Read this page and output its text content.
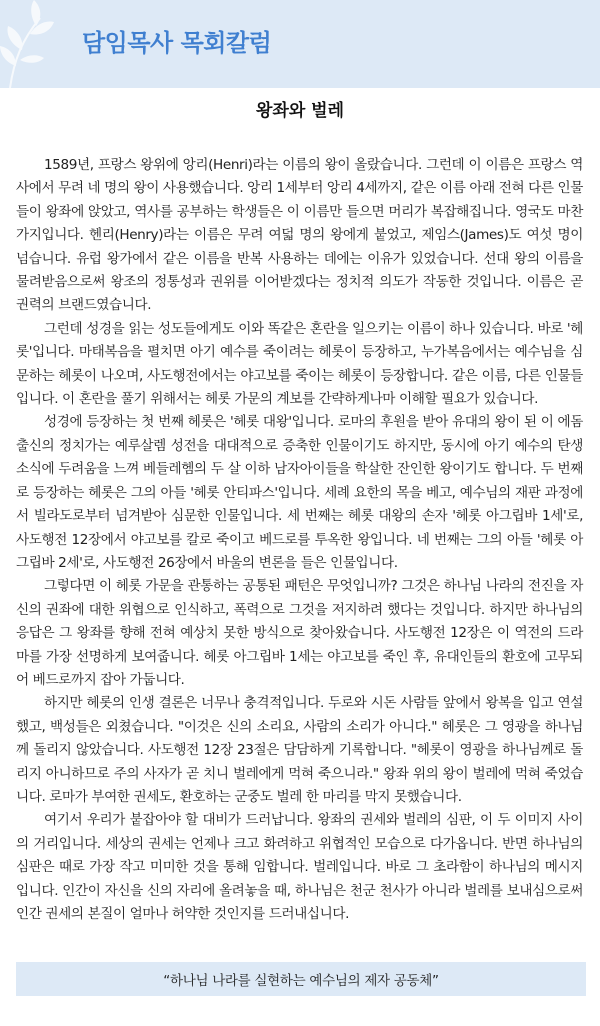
담임목사 목회칼럼
왕좌와 벌레

1589년, 프랑스 왕위에 앙리(Henri)라는 이름의 왕이 올랐습니다. 그런데 이 이름은 프랑스 역사에서 무려 네 명의 왕이 사용했습니다. 앙리 1세부터 앙리 4세까지, 같은 이름 아래 전혀 다른 인물들이 왕좌에 앉았고, 역사를 공부하는 학생들은 이 이름만 들으면 머리가 복잡해집니다. 영국도 마찬가지입니다. 헨리(Henry)라는 이름은 무려 여덟 명의 왕에게 붙었고, 제임스(James)도 여섯 명이 넘습니다. 유럽 왕가에서 같은 이름을 반복 사용하는 데에는 이유가 있었습니다. 선대 왕의 이름을 물려받음으로써 왕조의 정통성과 권위를 이어받겠다는 정치적 의도가 작동한 것입니다. 이름은 곧 권력의 브랜드였습니다.

그런데 성경을 읽는 성도들에게도 이와 똑같은 혼란을 일으키는 이름이 하나 있습니다. 바로 '헤롯'입니다. 마태복음을 펼치면 아기 예수를 죽이려는 헤롯이 등장하고, 누가복음에서는 예수님을 심문하는 헤롯이 나오며, 사도행전에서는 야고보를 죽이는 헤롯이 등장합니다. 같은 이름, 다른 인물들입니다. 이 혼란을 풀기 위해서는 헤롯 가문의 계보를 간략하게나마 이해할 필요가 있습니다.

성경에 등장하는 첫 번째 헤롯은 '헤롯 대왕'입니다. 로마의 후원을 받아 유대의 왕이 된 이 에돔 출신의 정치가는 예루살렘 성전을 대대적으로 증축한 인물이기도 하지만, 동시에 아기 예수의 탄생 소식에 두려움을 느껴 베들레헴의 두 살 이하 남자아이들을 학살한 잔인한 왕이기도 합니다. 두 번째로 등장하는 헤롯은 그의 아들 '헤롯 안티파스'입니다. 세례 요한의 목을 베고, 예수님의 재판 과정에서 빌라도로부터 넘겨받아 심문한 인물입니다. 세 번째는 헤롯 대왕의 손자 '헤롯 아그립바 1세'로, 사도행전 12장에서 야고보를 칼로 죽이고 베드로를 투옥한 왕입니다. 네 번째는 그의 아들 '헤롯 아그립바 2세'로, 사도행전 26장에서 바울의 변론을 들은 인물입니다.

그렇다면 이 헤롯 가문을 관통하는 공통된 패턴은 무엇입니까? 그것은 하나님 나라의 전진을 자신의 권좌에 대한 위협으로 인식하고, 폭력으로 그것을 저지하려 했다는 것입니다. 하지만 하나님의 응답은 그 왕좌를 향해 전혀 예상치 못한 방식으로 찾아왔습니다. 사도행전 12장은 이 역전의 드라마를 가장 선명하게 보여줍니다. 헤롯 아그립바 1세는 야고보를 죽인 후, 유대인들의 환호에 고무되어 베드로까지 잡아 가둡니다.

하지만 헤롯의 인생 결론은 너무나 충격적입니다. 두로와 시돈 사람들 앞에서 왕복을 입고 연설했고, 백성들은 외쳤습니다. "이것은 신의 소리요, 사람의 소리가 아니다." 헤롯은 그 영광을 하나님께 돌리지 않았습니다. 사도행전 12장 23절은 담담하게 기록합니다. "헤롯이 영광을 하나님께로 돌리지 아니하므로 주의 사자가 곧 치니 벌레에게 먹혀 죽으니라." 왕좌 위의 왕이 벌레에 먹혀 죽었습니다. 로마가 부여한 권세도, 환호하는 군중도 벌레 한 마리를 막지 못했습니다.

여기서 우리가 붙잡아야 할 대비가 드러납니다. 왕좌의 권세와 벌레의 심판, 이 두 이미지 사이의 거리입니다. 세상의 권세는 언제나 크고 화려하고 위협적인 모습으로 다가옵니다. 반면 하나님의 심판은 때로 가장 작고 미미한 것을 통해 임합니다. 벌레입니다. 바로 그 초라함이 하나님의 메시지입니다. 인간이 자신을 신의 자리에 올려놓을 때, 하나님은 천군 천사가 아니라 벌레를 보내심으로써 인간 권세의 본질이 얼마나 허약한 것인지를 드러내십니다.

“하나님 나라를 실현하는 예수님의 제자 공동체”
